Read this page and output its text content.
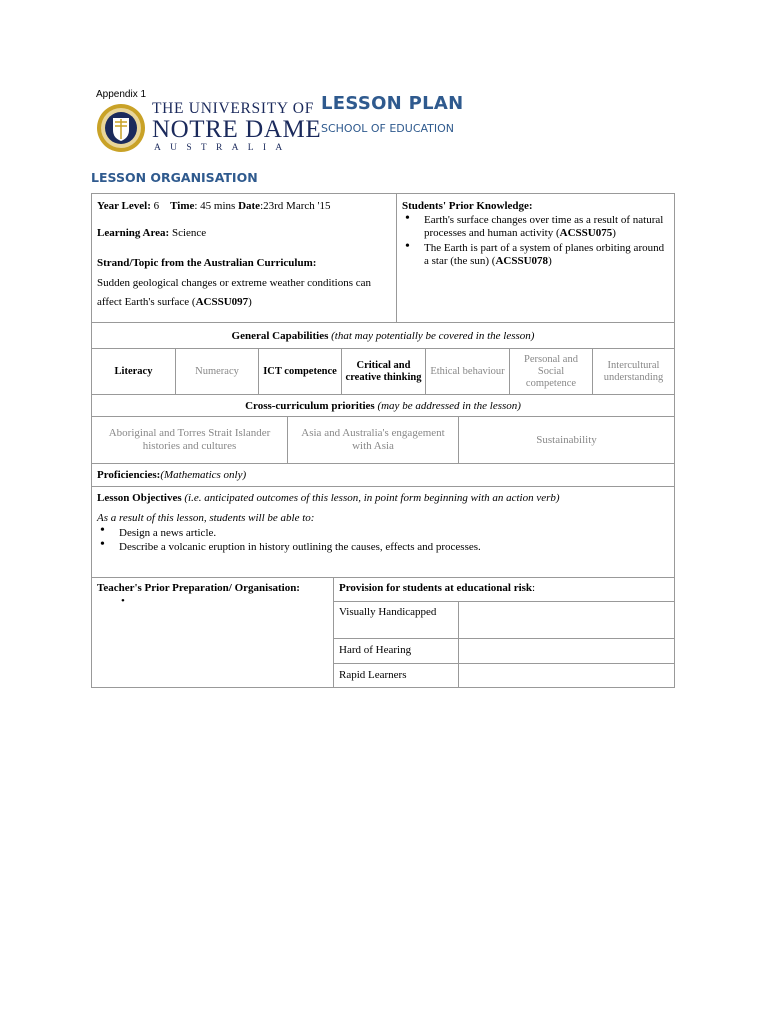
Appendix 1
THE UNIVERSITY OF
NOTRE DAME
AUSTRALIA
LESSON PLAN
SCHOOL OF EDUCATION
LESSON ORGANISATION

Year Level: 6 Time: 45 mins Date:23rd March '15

Learning Area: Science

Strand/Topic from the Australian Curriculum:

Sudden geological changes or extreme weather conditions can affect Earth's surface (ACSSU097)

Students' Prior Knowledge:

• Earth's surface changes over time as a result of natural processes and human activity (ACSSU075)
• The Earth is part of a system of planes orbiting around a star (the sun) (ACSSU078)
General Capabilities (that may potentially be covered in the lesson)
Literacy	Numeracy ICT competence
Critical and creative thinking
Ethical behaviour
Personal and Social competence
Intercultural understanding
Cross-curriculum priorities (may be addressed in the lesson)
Aboriginal and Torres Strait Islander histories and cultures
Asia and Australia's engagement with Asia
Sustainability
Proficiencies:(Mathematics only)

Lesson Objectives (i.e. anticipated outcomes of this lesson, in point form beginning with an action verb)

As a result of this lesson, students will be able to:

• Design a news article.
• Describe a volcanic eruption in history outlining the causes, effects and processes.

Teacher's Prior Preparation/ Organisation:

•

Provision for students at educational risk:
Visually Handicapped
Hard of Hearing
Rapid Learners
